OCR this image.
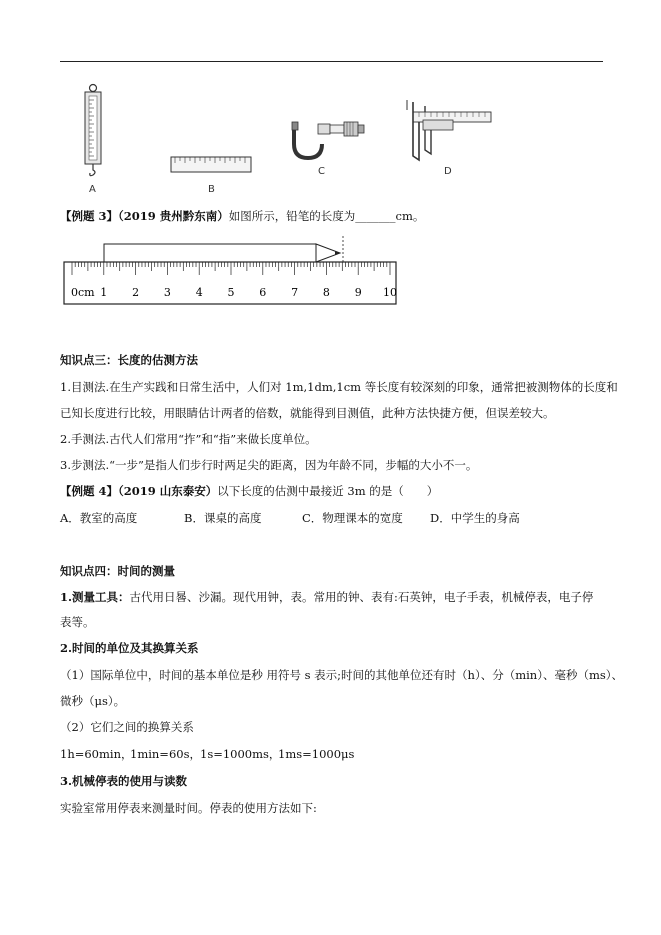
A	B
C	D
【例题 3】（2019 贵州黔东南）如图所示，铅笔的长度为_______cm。
0cm 1 2 3 4 5 6 7 8 9 10
知识点三：长度的估测方法
1.目测法.在生产实践和日常生活中，人们对 1m,1dm,1cm 等长度有较深刻的印象，通常把被测物体的长度和
已知长度进行比较，用眼睛估计两者的倍数，就能得到目测值，此种方法快捷方便，但误差较大。
2.手测法.古代人们常用“拃”和“指”来做长度单位。
3.步测法.“一步”是指人们步行时两足尖的距离，因为年龄不同，步幅的大小不一。
【例题 4】（2019 山东泰安）以下长度的估测中最接近 3m 的是（　　）
A．教室的高度	B．课桌的高度	C．物理课本的宽度 D．中学生的身高
知识点四：时间的测量
1.测量工具：古代用日晷、沙漏。现代用钟，表。常用的钟、表有:石英钟，电子手表，机械停表，电子停
表等。
2.时间的单位及其换算关系
（1）国际单位中，时间的基本单位是秒 用符号 s 表示;时间的其他单位还有时（h）、分（min）、毫秒（ms）、
微秒（μs）。
（2）它们之间的换算关系
1h=60min，
1min=60s， 1s=1000ms，
1ms=1000μs
3.机械停表的使用与读数
实验室常用停表来测量时间。停表的使用方法如下:
